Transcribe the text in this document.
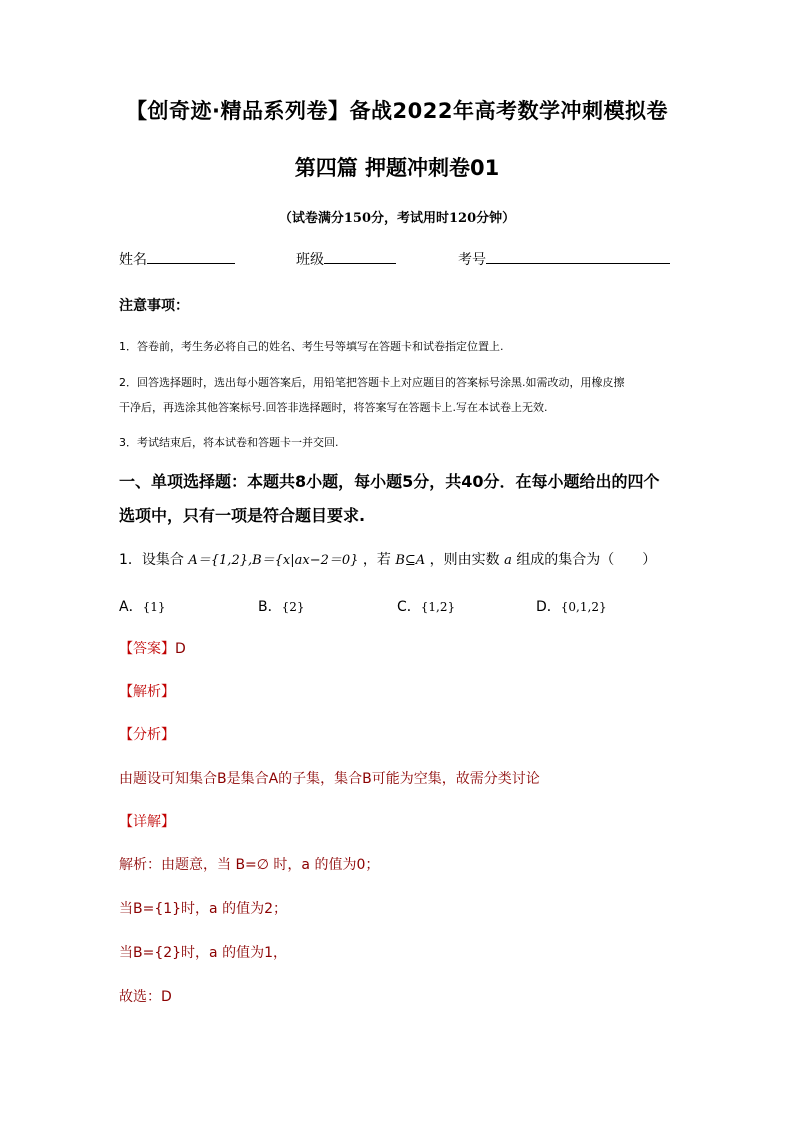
【创奇迹·精品系列卷】备战2022年高考数学冲刺模拟卷
第四篇 押题冲刺卷01
（试卷满分150分，考试用时120分钟）
姓名	班级	考号
注意事项：
1．答卷前，考生务必将自己的姓名、考生号等填写在答题卡和试卷指定位置上.
2．回答选择题时，选出每小题答案后，用铅笔把答题卡上对应题目的答案标号涂黑.如需改动，用橡皮擦
干净后，再选涂其他答案标号.回答非选择题时，将答案写在答题卡上.写在本试卷上无效.
3．考试结束后，将本试卷和答题卡一并交回.
一、单项选择题：本题共8小题，每小题5分，共40分．在每小题给出的四个
选项中，只有一项是符合题目要求.
1．设集合 A＝{1,2},B＝{x|ax−2＝0} ，若 B⊆A ，则由实数 a 组成的集合为（　　）
A．{1}	B．{2}	C．{1,2}	D．{0,1,2}
【答案】D
【解析】
【分析】
由题设可知集合B是集合A的子集，集合B可能为空集，故需分类讨论
【详解】
解析：由题意，当 B=∅ 时，a 的值为0；
当B={1}时，a 的值为2；
当B={2}时，a 的值为1，
故选：D
